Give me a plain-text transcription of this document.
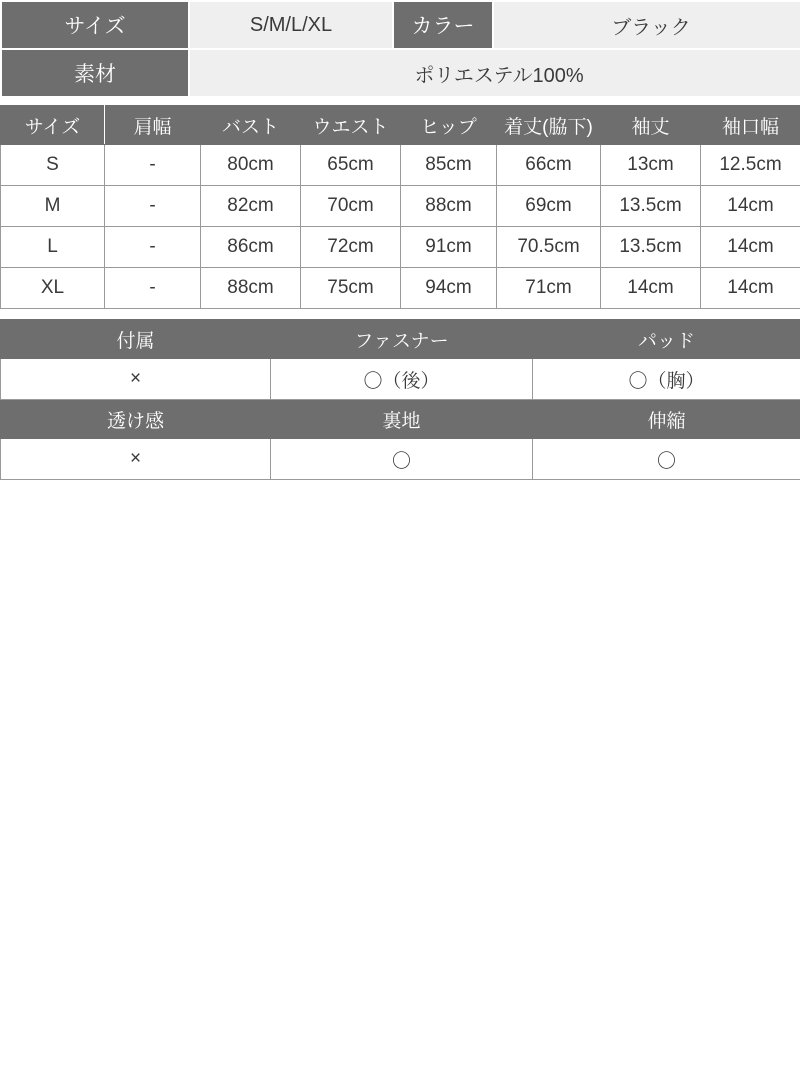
サイズ	S/M/L/XL	カラー	ブラック
素材	ポリエステル100%		
サイズ	肩幅	バスト	ウエスト	ヒップ	着丈(脇下)	袖丈	袖口幅
S	-	80cm	65cm	85cm	66cm	13cm	12.5cm
M	-	82cm	70cm	88cm	69cm	13.5cm	14cm
L	-	86cm	72cm	91cm	70.5cm	13.5cm	14cm
XL	-	88cm	75cm	94cm	71cm	14cm	14cm
付属	ファスナー	パッド
×	〇（後）	〇（胸）
透け感	裏地	伸縮
×	〇	〇
